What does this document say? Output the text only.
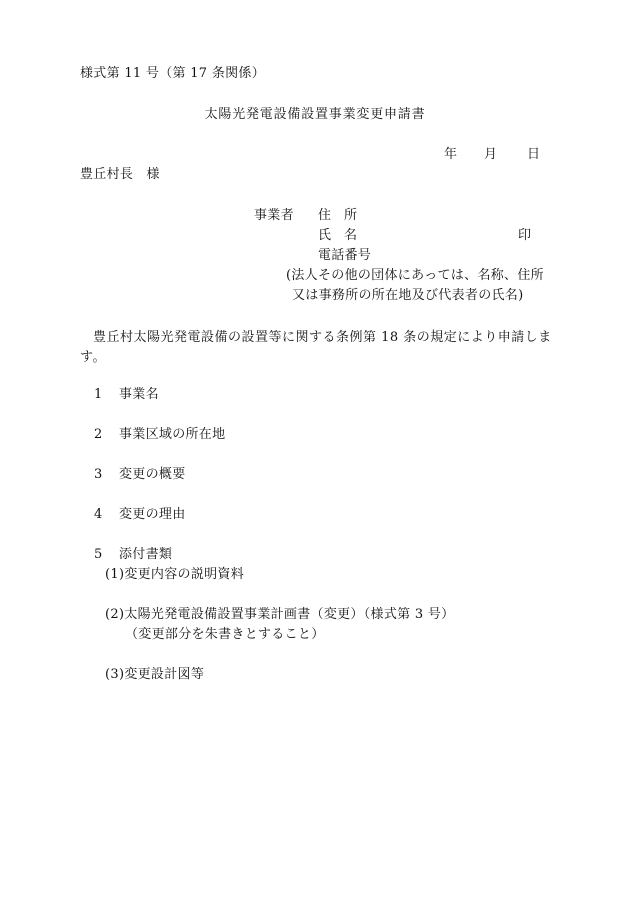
様式第 11 号（第 17 条関係）
太陽光発電設備設置事業変更申請書
年 月 日
豊丘村長　様
事業者 住 所
氏 名	印
電話番号
(法人その他の団体にあっては、名称、住所
又は事務所の所在地及び代表者の氏名)
豊丘村太陽光発電設備の設置等に関する条例第 18 条の規定により申請します。
1 事業名
2 事業区域の所在地
3 変更の概要
4 変更の理由
5 添付書類
(1)変更内容の説明資料
(2)太陽光発電設備設置事業計画書（変更）（様式第 3 号）
（変更部分を朱書きとすること）
(3)変更設計図等
